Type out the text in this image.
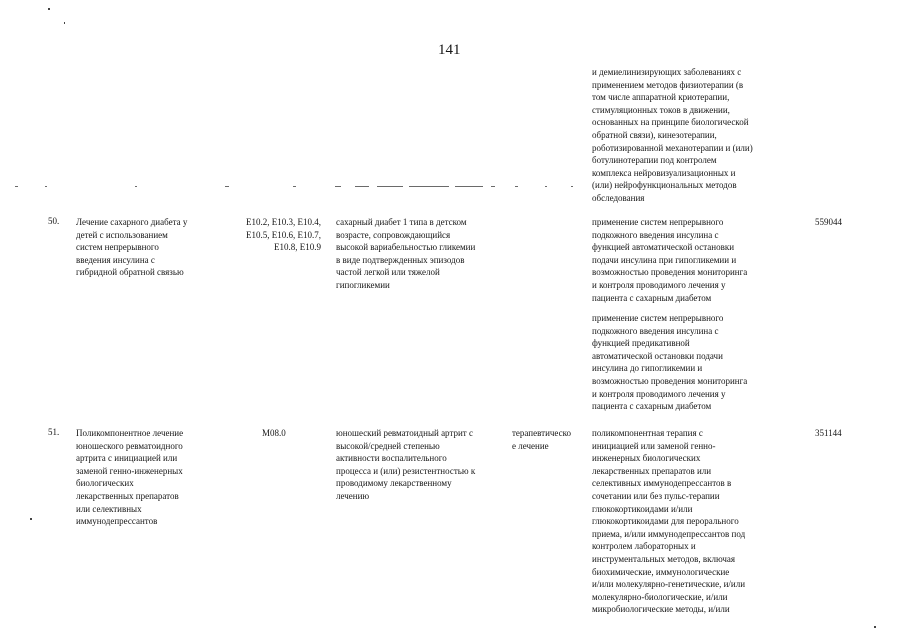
141
и демиелинизирующих заболеваниях с
применением методов физиотерапии (в
том числе аппаратной криотерапии,
стимуляционных токов в движении,
основанных на принципе биологической
обратной связи), кинезотерапии,
роботизированной механотерапии и (или)
ботулинотерапии под контролем
комплекса нейровизуализационных и
(или) нейрофункциональных методов
обследования
50. Лечение сахарного диабета у
детей с использованием
систем непрерывного
введения инсулина с
гибридной обратной связью
E10.2, E10.3, E10.4,
E10.5, E10.6, E10.7,
E10.8, E10.9
сахарный диабет 1 типа в детском
возрасте, сопровождающийся
высокой вариабельностью гликемии
в виде подтвержденных эпизодов
частой легкой или тяжелой
гипогликемии
применение систем непрерывного
подкожного введения инсулина с
функцией автоматической остановки
подачи инсулина при гипогликемии и
возможностью проведения мониторинга
и контроля проводимого лечения у
пациента с сахарным диабетом
применение систем непрерывного
подкожного введения инсулина с
функцией предикативной
автоматической остановки подачи
инсулина до гипогликемии и
возможностью проведения мониторинга
и контроля проводимого лечения у
пациента с сахарным диабетом
559044
51. Поликомпонентное лечение
юношеского ревматоидного
артрита с инициацией или
заменой генно-инженерных
биологических
лекарственных препаратов
или селективных
иммунодепрессантов
M08.0	юношеский ревматоидный артрит с
высокой/средней степенью
активности воспалительного
процесса и (или) резистентностью к
проводимому лекарственному
лечению
терапевтическо
е лечение
поликомпонентная терапия с
инициацией или заменой генно-
инженерных биологических
лекарственных препаратов или
селективных иммунодепрессантов в
сочетании или без пульс-терапии
глюкокортикоидами и/или
глюкокортикоидами для перорального
приема, и/или иммунодепрессантов под
контролем лабораторных и
инструментальных методов, включая
биохимические, иммунологические
и/или молекулярно-генетические, и/или
молекулярно-биологические, и/или
микробиологические методы, и/или
351144
